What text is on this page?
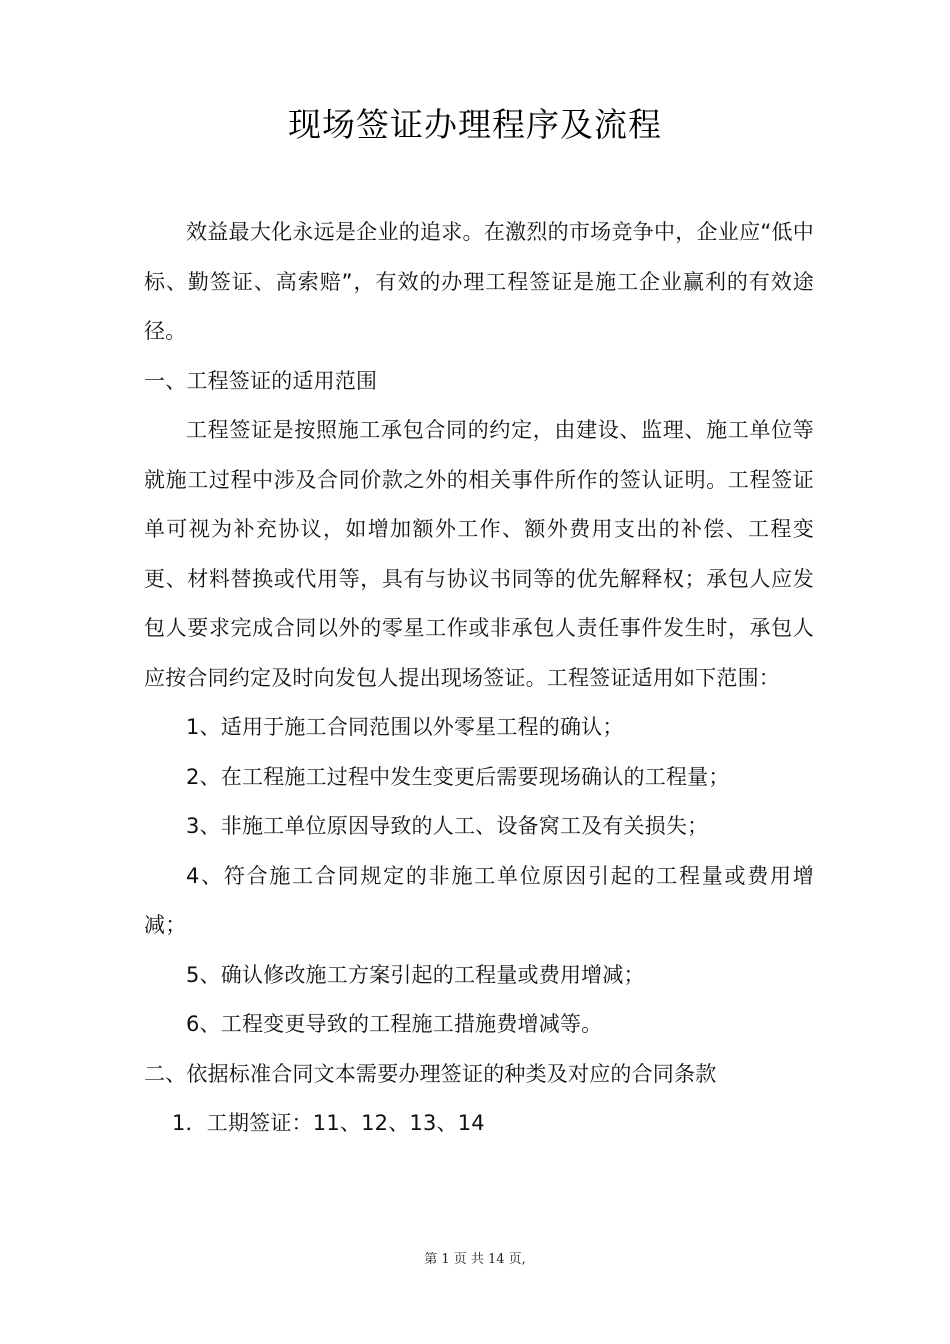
现场签证办理程序及流程

效益最大化永远是企业的追求。在激烈的市场竞争中，企业应“低中标、勤签证、高索赔”，有效的办理工程签证是施工企业赢利的有效途径。

一、工程签证的适用范围

工程签证是按照施工承包合同的约定，由建设、监理、施工单位等就施工过程中涉及合同价款之外的相关事件所作的签认证明。工程签证单可视为补充协议，如增加额外工作、额外费用支出的补偿、工程变更、材料替换或代用等，具有与协议书同等的优先解释权；承包人应发包人要求完成合同以外的零星工作或非承包人责任事件发生时，承包人应按合同约定及时向发包人提出现场签证。工程签证适用如下范围：

1、适用于施工合同范围以外零星工程的确认；

2、在工程施工过程中发生变更后需要现场确认的工程量；

3、非施工单位原因导致的人工、设备窝工及有关损失；

4、符合施工合同规定的非施工单位原因引起的工程量或费用增减；

5、确认修改施工方案引起的工程量或费用增减；

6、工程变更导致的工程施工措施费增减等。

二、依据标准合同文本需要办理签证的种类及对应的合同条款

1．工期签证：11、12、13、14

第 1 页 共 14 页,
